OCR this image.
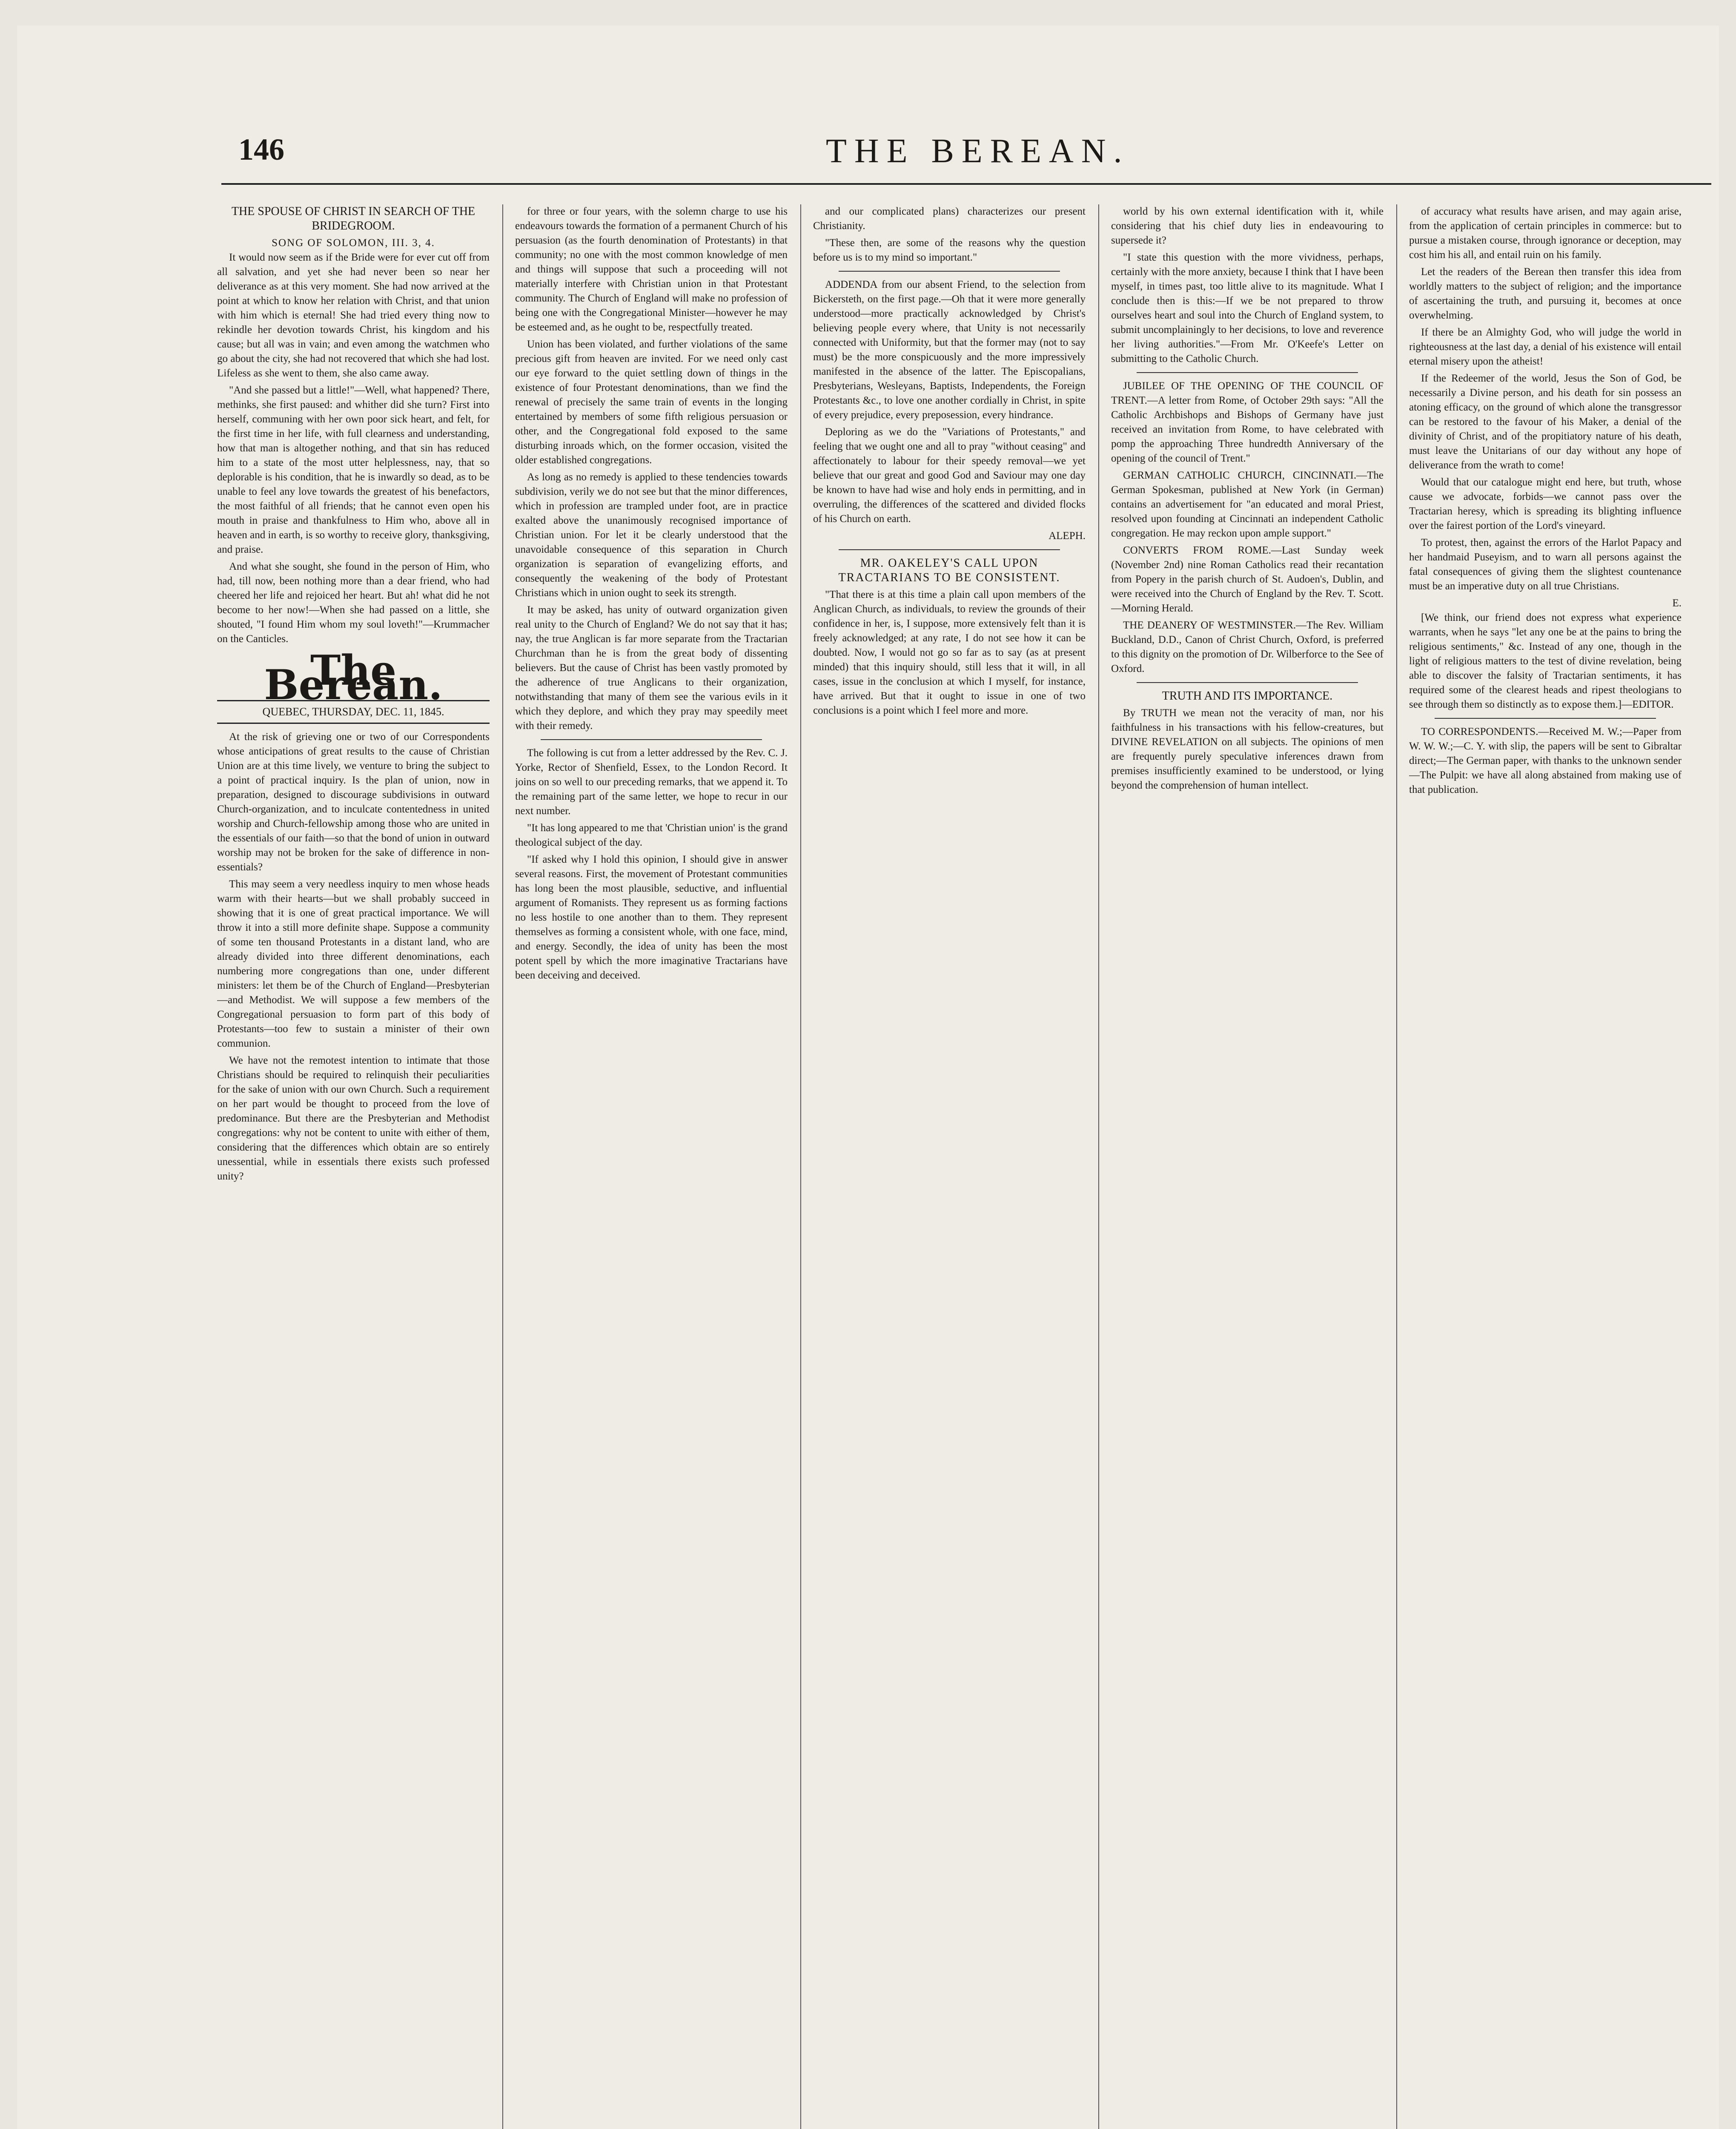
146	THE BEREAN.
THE SPOUSE OF CHRIST IN SEARCH OF THE BRIDEGROOM.
SONG OF SOLOMON, III. 3, 4.

It would now seem as if the Bride were for ever cut off from all salvation, and yet she had never been so near her deliverance as at this very moment. She had now arrived at the point at which to know her relation with Christ, and that union with him which is eternal! She had tried every thing now to rekindle her devotion towards Christ, his kingdom and his cause; but all was in vain; and even among the watchmen who go about the city, she had not recovered that which she had lost. Lifeless as she went to them, she also came away.

"And she passed but a little!"—Well, what happened? There, methinks, she first paused: and whither did she turn? First into herself, communing with her own poor sick heart, and felt, for the first time in her life, with full clearness and understanding, how that man is altogether nothing, and that sin has reduced him to a state of the most utter helplessness, nay, that so deplorable is his condition, that he is inwardly so dead, as to be unable to feel any love towards the greatest of his benefactors, the most faithful of all friends; that he cannot even open his mouth in praise and thankfulness to Him who, above all in heaven and in earth, is so worthy to receive glory, thanksgiving, and praise.

And what she sought, she found in the person of Him, who had, till now, been nothing more than a dear friend, who had cheered her life and rejoiced her heart. But ah! what did he not become to her now!—When she had passed on a little, she shouted, "I found Him whom my soul loveth!"—Krummacher on the Canticles.

The Berean.
QUEBEC, THURSDAY, DEC. 11, 1845.

At the risk of grieving one or two of our Correspondents whose anticipations of great results to the cause of Christian Union are at this time lively, we venture to bring the subject to a point of practical inquiry. Is the plan of union, now in preparation, designed to discourage subdivisions in outward Church-organization, and to inculcate contentedness in united worship and Church-fellowship among those who are united in the essentials of our faith—so that the bond of union in outward worship may not be broken for the sake of difference in non-essentials?

This may seem a very needless inquiry to men whose heads warm with their hearts—but we shall probably succeed in showing that it is one of great practical importance. We will throw it into a still more definite shape. Suppose a community of some ten thousand Protestants in a distant land, who are already divided into three different denominations, each numbering more congregations than one, under different ministers: let them be of the Church of England—Presbyterian—and Methodist. We will suppose a few members of the Congregational persuasion to form part of this body of Protestants—too few to sustain a minister of their own communion.

We have not the remotest intention to intimate that those Christians should be required to relinquish their peculiarities for the sake of union with our own Church. Such a requirement on her part would be thought to proceed from the love of predominance. But there are the Presbyterian and Methodist congregations: why not be content to unite with either of them, considering that the differences which obtain are so entirely unessential, while in essentials there exists such professed unity?

for three or four years, with the solemn charge to use his endeavours towards the formation of a permanent Church of his persuasion (as the fourth denomination of Protestants) in that community; no one with the most common knowledge of men and things will suppose that such a proceeding will not materially interfere with Christian union in that Protestant community. The Church of England will make no profession of being one with the Congregational Minister—however he may be esteemed and, as he ought to be, respectfully treated.

Union has been violated, and further violations of the same precious gift from heaven are invited. For we need only cast our eye forward to the quiet settling down of things in the existence of four Protestant denominations, than we find the renewal of precisely the same train of events in the longing entertained by members of some fifth religious persuasion or other, and the Congregational fold exposed to the same disturbing inroads which, on the former occasion, visited the older established congregations.

As long as no remedy is applied to these tendencies towards subdivision, verily we do not see but that the minor differences, which in profession are trampled under foot, are in practice exalted above the unanimously recognised importance of Christian union. For let it be clearly understood that the unavoidable consequence of this separation in Church organization is separation of evangelizing efforts, and consequently the weakening of the body of Protestant Christians which in union ought to seek its strength.

It may be asked, has unity of outward organization given real unity to the Church of England? We do not say that it has; nay, the true Anglican is far more separate from the Tractarian Churchman than he is from the great body of dissenting believers. But the cause of Christ has been vastly promoted by the adherence of true Anglicans to their organization, notwithstanding that many of them see the various evils in it which they deplore, and which they pray may speedily meet with their remedy.

The following is cut from a letter addressed by the Rev. C. J. Yorke, Rector of Shenfield, Essex, to the London Record. It joins on so well to our preceding remarks, that we append it. To the remaining part of the same letter, we hope to recur in our next number.

"It has long appeared to me that 'Christian union' is the grand theological subject of the day.

"If asked why I hold this opinion, I should give in answer several reasons. First, the movement of Protestant communities has long been the most plausible, seductive, and influential argument of Romanists. They represent us as forming factions no less hostile to one another than to them. They represent themselves as forming a consistent whole, with one face, mind, and energy. Secondly, the idea of unity has been the most potent spell by which the more imaginative Tractarians have been deceiving and deceived.

and our complicated plans) characterizes our present Christianity.

"These then, are some of the reasons why the question before us is to my mind so important."

ADDENDA from our absent Friend, to the selection from Bickersteth, on the first page.—Oh that it were more generally understood—more practically acknowledged by Christ's believing people every where, that Unity is not necessarily connected with Uniformity, but that the former may (not to say must) be the more conspicuously and the more impressively manifested in the absence of the latter. The Episcopalians, Presbyterians, Wesleyans, Baptists, Independents, the Foreign Protestants &c., to love one another cordially in Christ, in spite of every prejudice, every preposession, every hindrance.

Deploring as we do the "Variations of Protestants," and feeling that we ought one and all to pray "without ceasing" and affectionately to labour for their speedy removal—we yet believe that our great and good God and Saviour may one day be known to have had wise and holy ends in permitting, and in overruling, the differences of the scattered and divided flocks of his Church on earth.

ALEPH.
MR. OAKELEY'S CALL UPON TRACTARIANS TO BE CONSISTENT.

"That there is at this time a plain call upon members of the Anglican Church, as individuals, to review the grounds of their confidence in her, is, I suppose, more extensively felt than it is freely acknowledged; at any rate, I do not see how it can be doubted. Now, I would not go so far as to say (as at present minded) that this inquiry should, still less that it will, in all cases, issue in the conclusion at which I myself, for instance, have arrived. But that it ought to issue in one of two conclusions is a point which I feel more and more.

world by his own external identification with it, while considering that his chief duty lies in endeavouring to supersede it?

"I state this question with the more vividness, perhaps, certainly with the more anxiety, because I think that I have been myself, in times past, too little alive to its magnitude. What I conclude then is this:—If we be not prepared to throw ourselves heart and soul into the Church of England system, to submit uncomplainingly to her decisions, to love and reverence her living authorities."—From Mr. O'Keefe's Letter on submitting to the Catholic Church.

JUBILEE OF THE OPENING OF THE COUNCIL OF TRENT.—A letter from Rome, of October 29th says: "All the Catholic Archbishops and Bishops of Germany have just received an invitation from Rome, to have celebrated with pomp the approaching Three hundredth Anniversary of the opening of the council of Trent."

GERMAN CATHOLIC CHURCH, CINCINNATI.—The German Spokesman, published at New York (in German) contains an advertisement for "an educated and moral Priest, resolved upon founding at Cincinnati an independent Catholic congregation. He may reckon upon ample support."

CONVERTS FROM ROME.—Last Sunday week (November 2nd) nine Roman Catholics read their recantation from Popery in the parish church of St. Audoen's, Dublin, and were received into the Church of England by the Rev. T. Scott.—Morning Herald.

THE DEANERY OF WESTMINSTER.—The Rev. William Buckland, D.D., Canon of Christ Church, Oxford, is preferred to this dignity on the promotion of Dr. Wilberforce to the See of Oxford.

TRUTH AND ITS IMPORTANCE.

By TRUTH we mean not the veracity of man, nor his faithfulness in his transactions with his fellow-creatures, but DIVINE REVELATION on all subjects. The opinions of men are frequently purely speculative inferences drawn from premises insufficiently examined to be understood, or lying beyond the comprehension of human intellect.

of accuracy what results have arisen, and may again arise, from the application of certain principles in commerce: but to pursue a mistaken course, through ignorance or deception, may cost him his all, and entail ruin on his family.

Let the readers of the Berean then transfer this idea from worldly matters to the subject of religion; and the importance of ascertaining the truth, and pursuing it, becomes at once overwhelming.

If there be an Almighty God, who will judge the world in righteousness at the last day, a denial of his existence will entail eternal misery upon the atheist!

If the Redeemer of the world, Jesus the Son of God, be necessarily a Divine person, and his death for sin possess an atoning efficacy, on the ground of which alone the transgressor can be restored to the favour of his Maker, a denial of the divinity of Christ, and of the propitiatory nature of his death, must leave the Unitarians of our day without any hope of deliverance from the wrath to come!

Would that our catalogue might end here, but truth, whose cause we advocate, forbids—we cannot pass over the Tractarian heresy, which is spreading its blighting influence over the fairest portion of the Lord's vineyard.

To protest, then, against the errors of the Harlot Papacy and her handmaid Puseyism, and to warn all persons against the fatal consequences of giving them the slightest countenance must be an imperative duty on all true Christians.

E.

[We think, our friend does not express what experience warrants, when he says "let any one be at the pains to bring the religious sentiments," &c. Instead of any one, though in the light of religious matters to the test of divine revelation, being able to discover the falsity of Tractarian sentiments, it has required some of the clearest heads and ripest theologians to see through them so distinctly as to expose them.]—EDITOR.

TO CORRESPONDENTS.—Received M. W.;—Paper from W. W. W.;—C. Y. with slip, the papers will be sent to Gibraltar direct;—The German paper, with thanks to the unknown sender—The Pulpit: we have all along abstained from making use of that publication.
